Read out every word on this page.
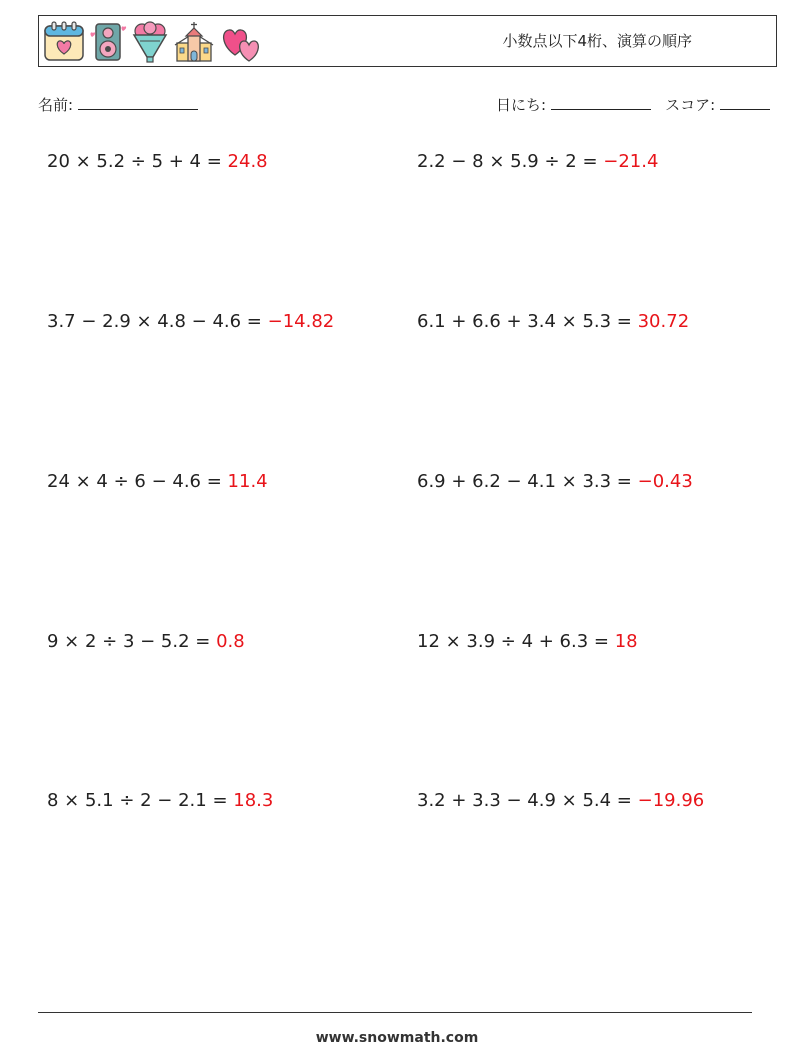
小数点以下4桁、演算の順序
名前:	日にち:	スコア:
20 × 5.2 ÷ 5 + 4 = 24.8	2.2 − 8 × 5.9 ÷ 2 = −21.4
3.7 − 2.9 × 4.8 − 4.6 = −14.82	6.1 + 6.6 + 3.4 × 5.3 = 30.72
24 × 4 ÷ 6 − 4.6 = 11.4	6.9 + 6.2 − 4.1 × 3.3 = −0.43
9 × 2 ÷ 3 − 5.2 = 0.8	12 × 3.9 ÷ 4 + 6.3 = 18
8 × 5.1 ÷ 2 − 2.1 = 18.3	3.2 + 3.3 − 4.9 × 5.4 = −19.96
www.snowmath.com
